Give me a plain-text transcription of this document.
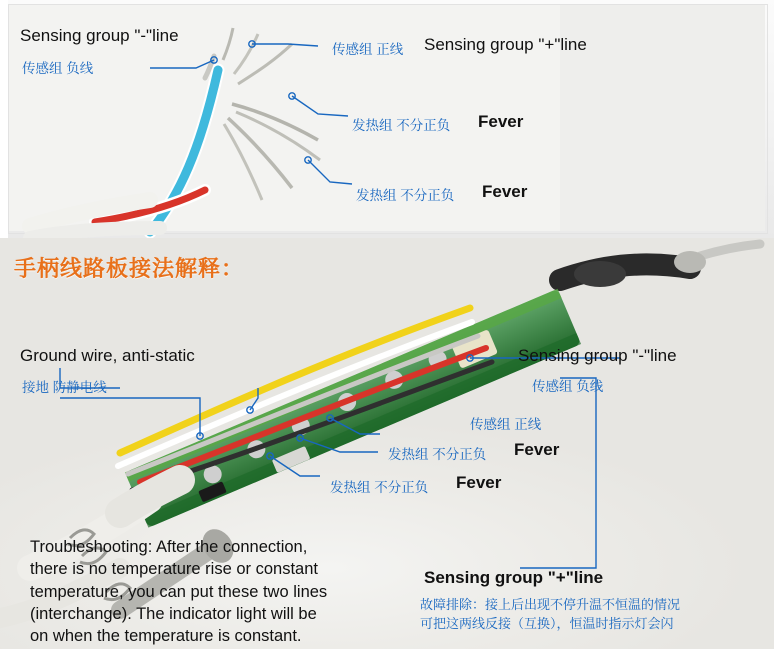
Sensing group "-"line
传感组 负线
传感组 正线 Sensing group "+"line
发热组 不分正负 Fever
发热组 不分正负 Fever
手柄线路板接法解释：
Ground wire, anti-static
接地 防静电线
Sensing group "-"line
传感组 负线
传感组 正线
发热组 不分正负 Fever
发热组 不分正负 Fever
Sensing group "+"line
Troubleshooting: After the connection,
there is no temperature rise or constant
temperature, you can put these two lines
(interchange). The indicator light will be
on when the temperature is constant.
故障排除：接上后出现不停升温不恒温的情况
可把这两线反接（互换），恒温时指示灯会闪
